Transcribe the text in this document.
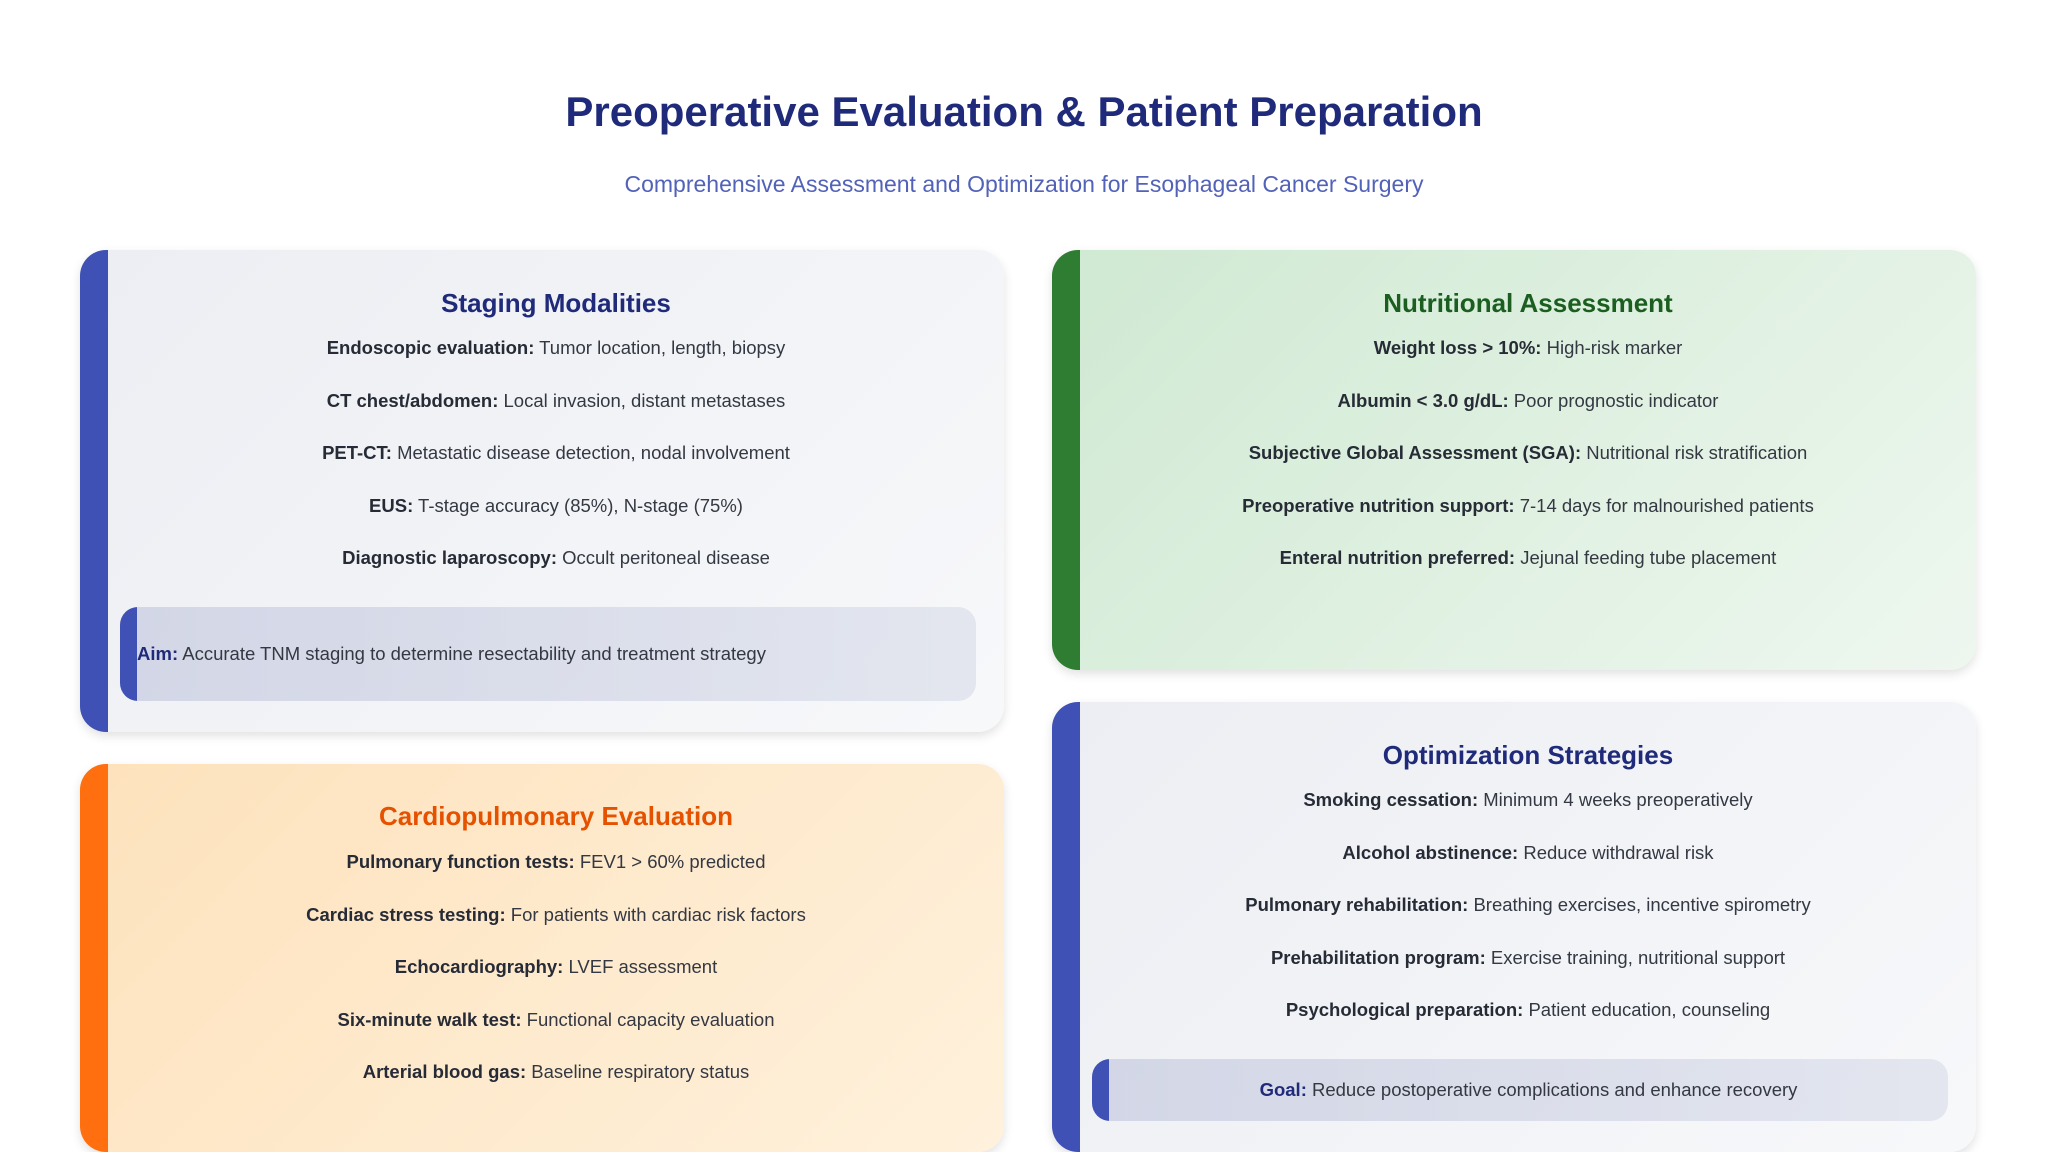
Preoperative Evaluation & Patient Preparation
Comprehensive Assessment and Optimization for Esophageal Cancer Surgery
Staging Modalities
Endoscopic evaluation: Tumor location, length, biopsy
CT chest/abdomen: Local invasion, distant metastases
PET-CT: Metastatic disease detection, nodal involvement
EUS: T-stage accuracy (85%), N-stage (75%)
Diagnostic laparoscopy: Occult peritoneal disease
Aim: Accurate TNM staging to determine resectability and treatment strategy
Nutritional Assessment
Weight loss > 10%: High-risk marker
Albumin < 3.0 g/dL: Poor prognostic indicator
Subjective Global Assessment (SGA): Nutritional risk stratification
Preoperative nutrition support: 7-14 days for malnourished patients
Enteral nutrition preferred: Jejunal feeding tube placement
Cardiopulmonary Evaluation
Pulmonary function tests: FEV1 > 60% predicted
Cardiac stress testing: For patients with cardiac risk factors
Echocardiography: LVEF assessment
Six-minute walk test: Functional capacity evaluation
Arterial blood gas: Baseline respiratory status
Optimization Strategies
Smoking cessation: Minimum 4 weeks preoperatively
Alcohol abstinence: Reduce withdrawal risk
Pulmonary rehabilitation: Breathing exercises, incentive spirometry
Prehabilitation program: Exercise training, nutritional support
Psychological preparation: Patient education, counseling
Goal: Reduce postoperative complications and enhance recovery
